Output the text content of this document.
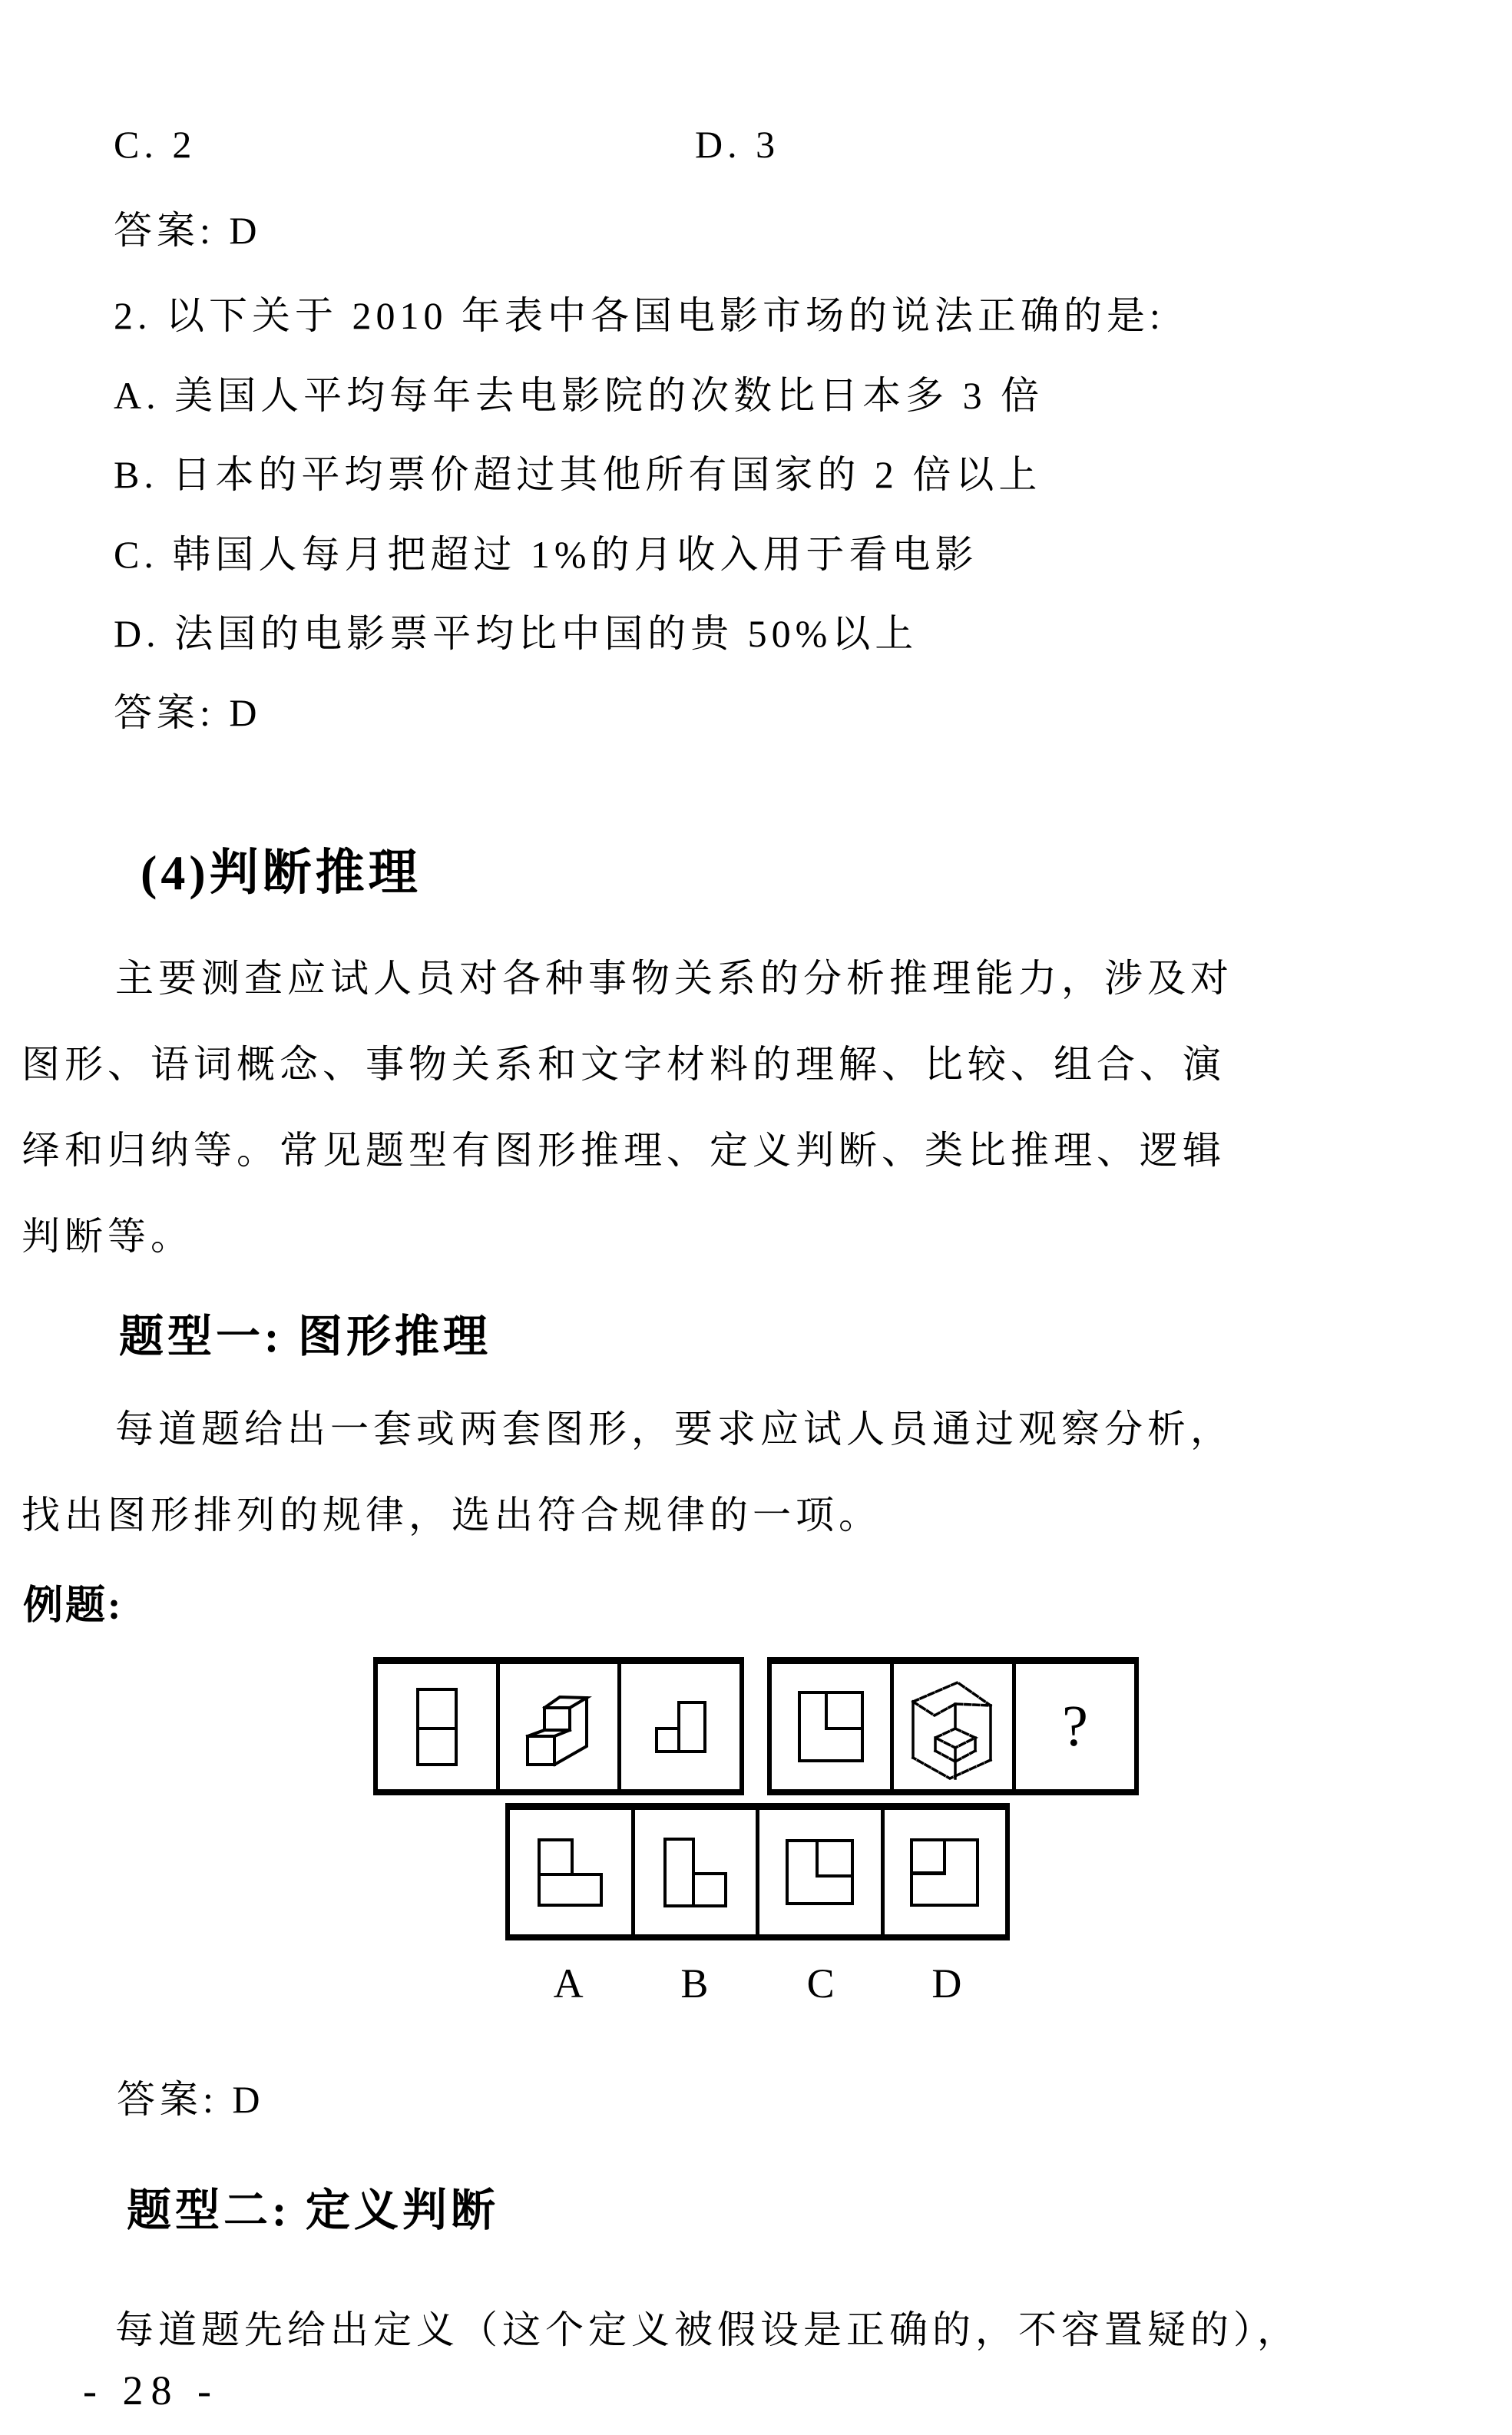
C. 2	D. 3
答案: D
2. 以下关于 2010 年表中各国电影市场的说法正确的是:
A. 美国人平均每年去电影院的次数比日本多 3 倍
B. 日本的平均票价超过其他所有国家的 2 倍以上
C. 韩国人每月把超过 1%的月收入用于看电影
D. 法国的电影票平均比中国的贵 50%以上
答案: D
(4)判断推理
主要测查应试人员对各种事物关系的分析推理能力，涉及对
图形、语词概念、事物关系和文字材料的理解、比较、组合、演
绎和归纳等。常见题型有图形推理、定义判断、类比推理、逻辑
判断等。
题型一: 图形推理
每道题给出一套或两套图形，要求应试人员通过观察分析，
找出图形排列的规律，选出符合规律的一项。
例题:
?
A	B	C	D
答案: D
题型二: 定义判断
每道题先给出定义（这个定义被假设是正确的，不容置疑的），
- 28 -
